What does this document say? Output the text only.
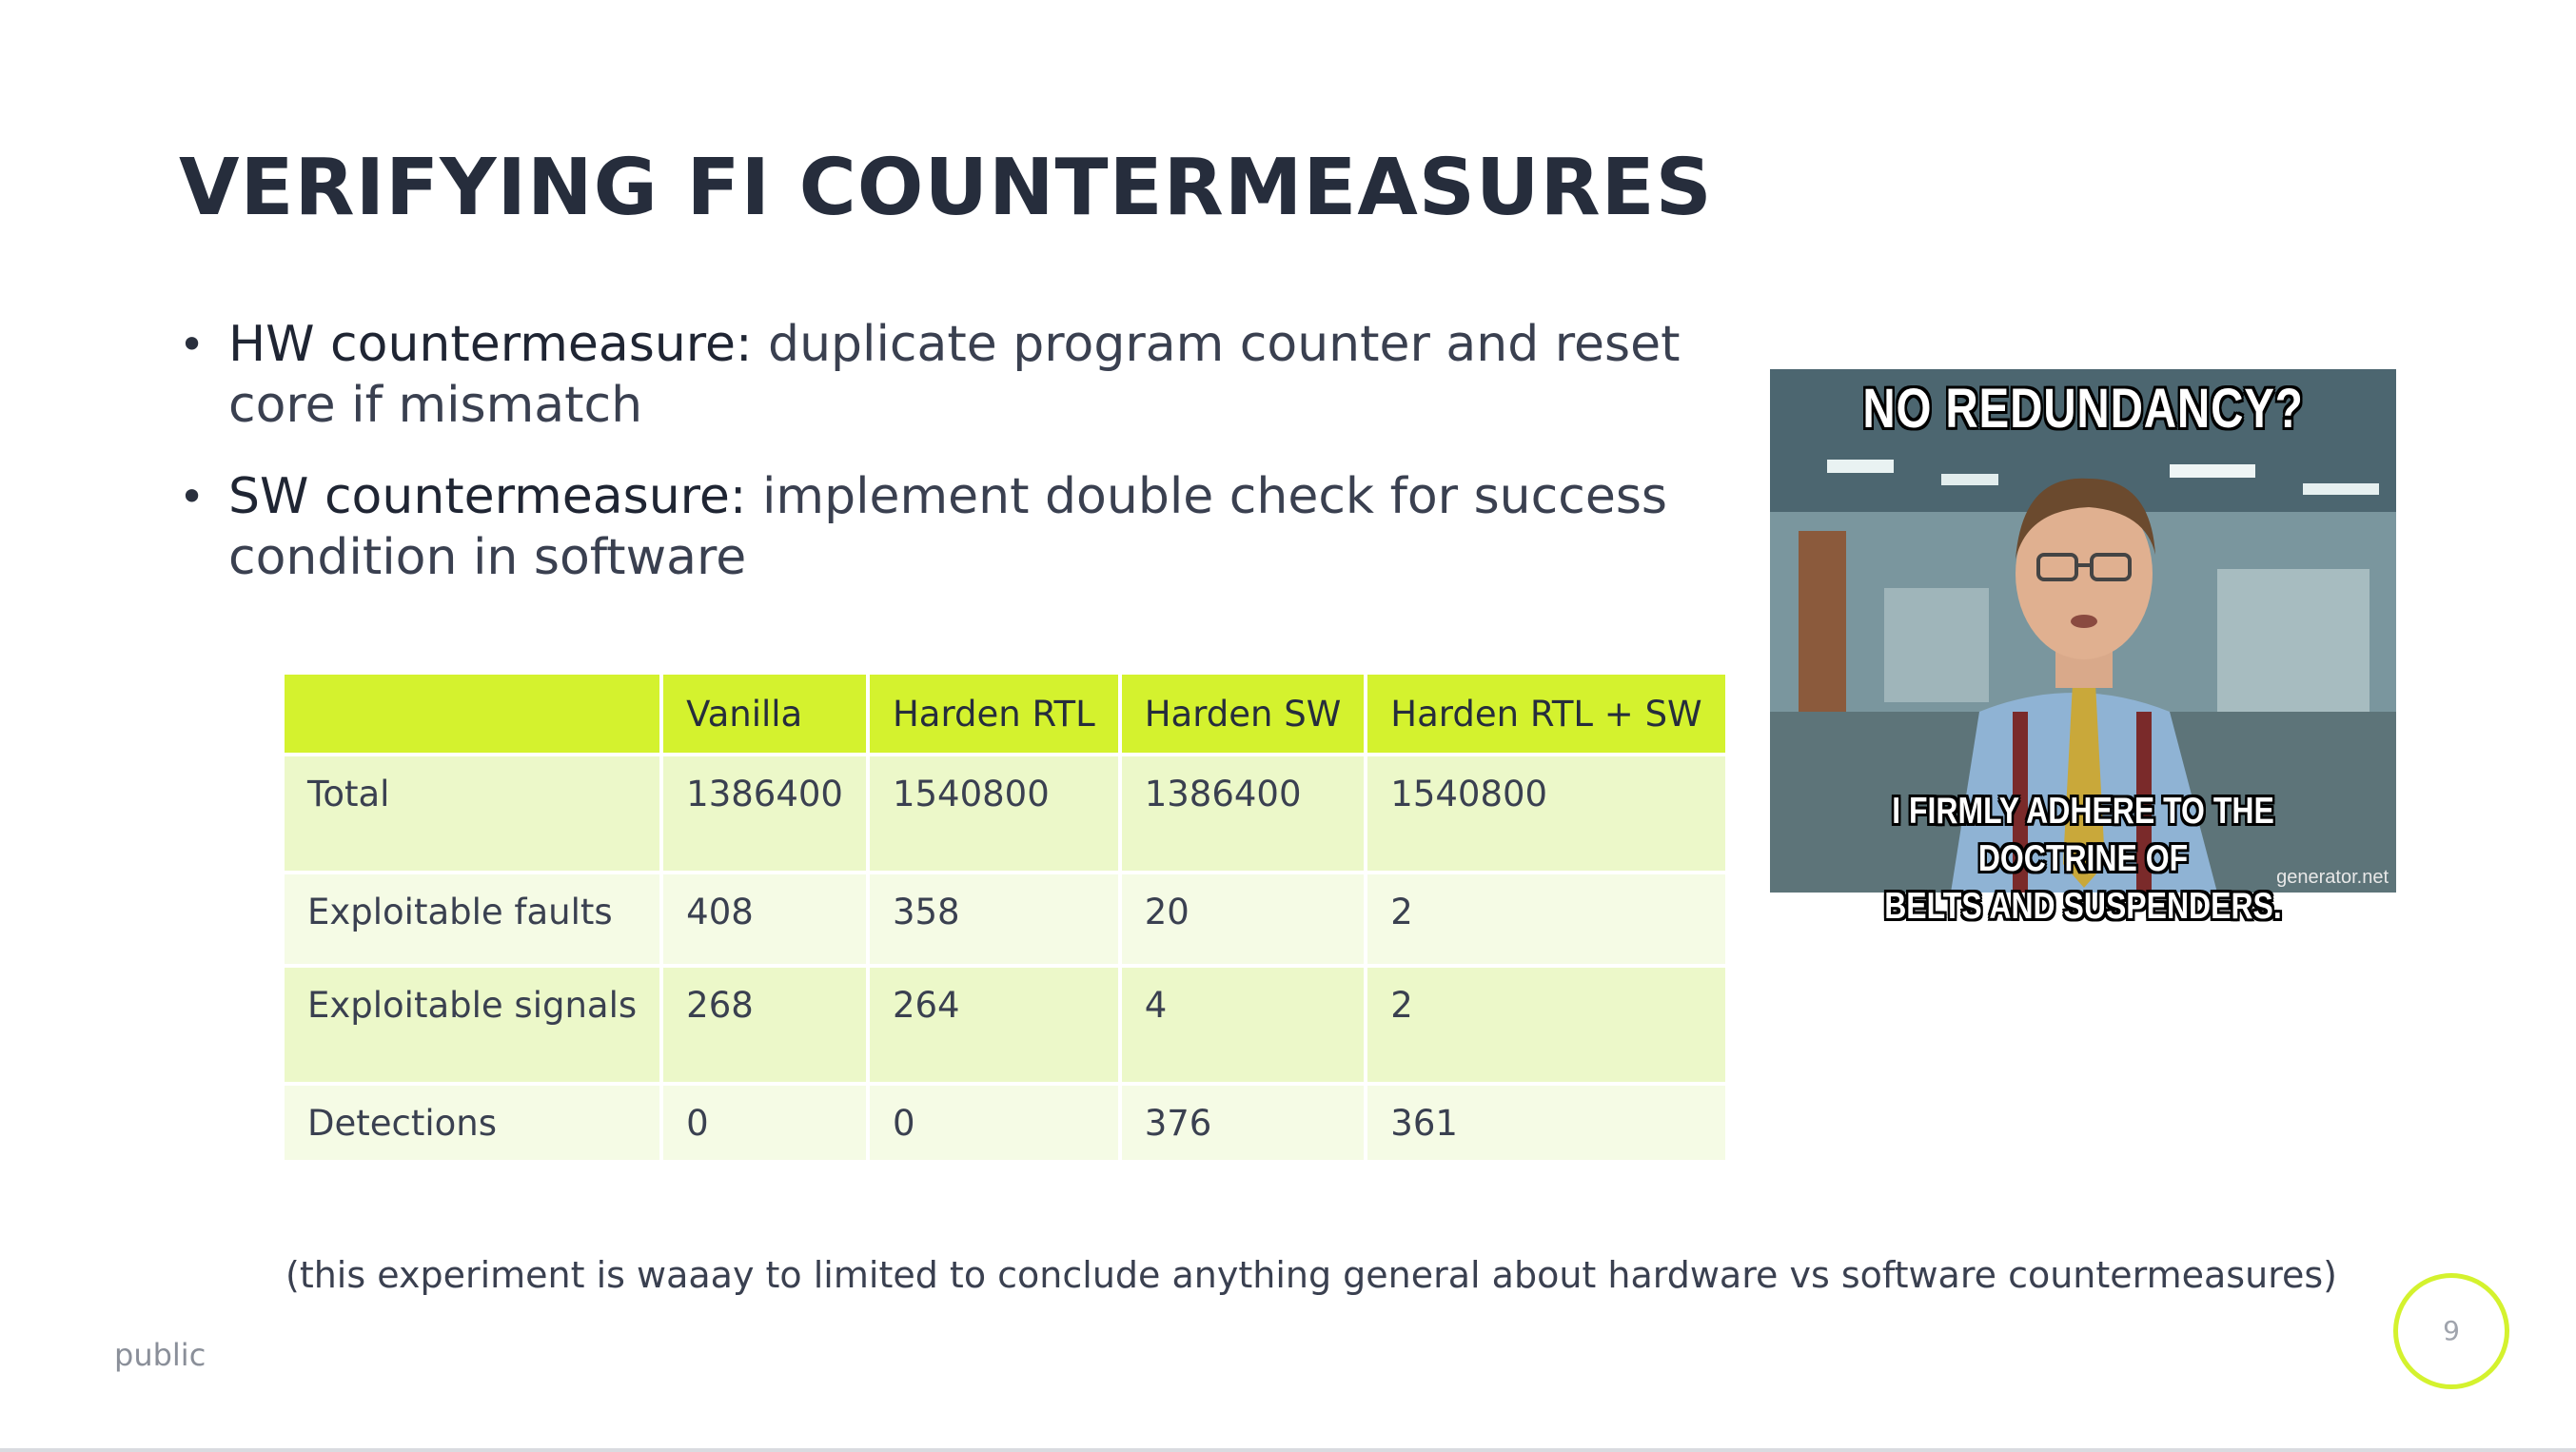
VERIFYING FI COUNTERMEASURES
• HW countermeasure: duplicate program counter and reset core if mismatch
• SW countermeasure: implement double check for success condition in software
	Vanilla	Harden RTL	Harden SW	Harden RTL + SW
Total	1386400	1540800	1386400	1540800
Exploitable faults	408	358	20	2
Exploitable signals	268	264	4	2
Detections	0	0	376	361
NO REDUNDANCY?
I FIRMLY ADHERE TO THE DOCTRINE OF
BELTS AND SUSPENDERS.
generator.net
(this experiment is waaay to limited to conclude anything general about hardware vs software countermeasures)
public
9
